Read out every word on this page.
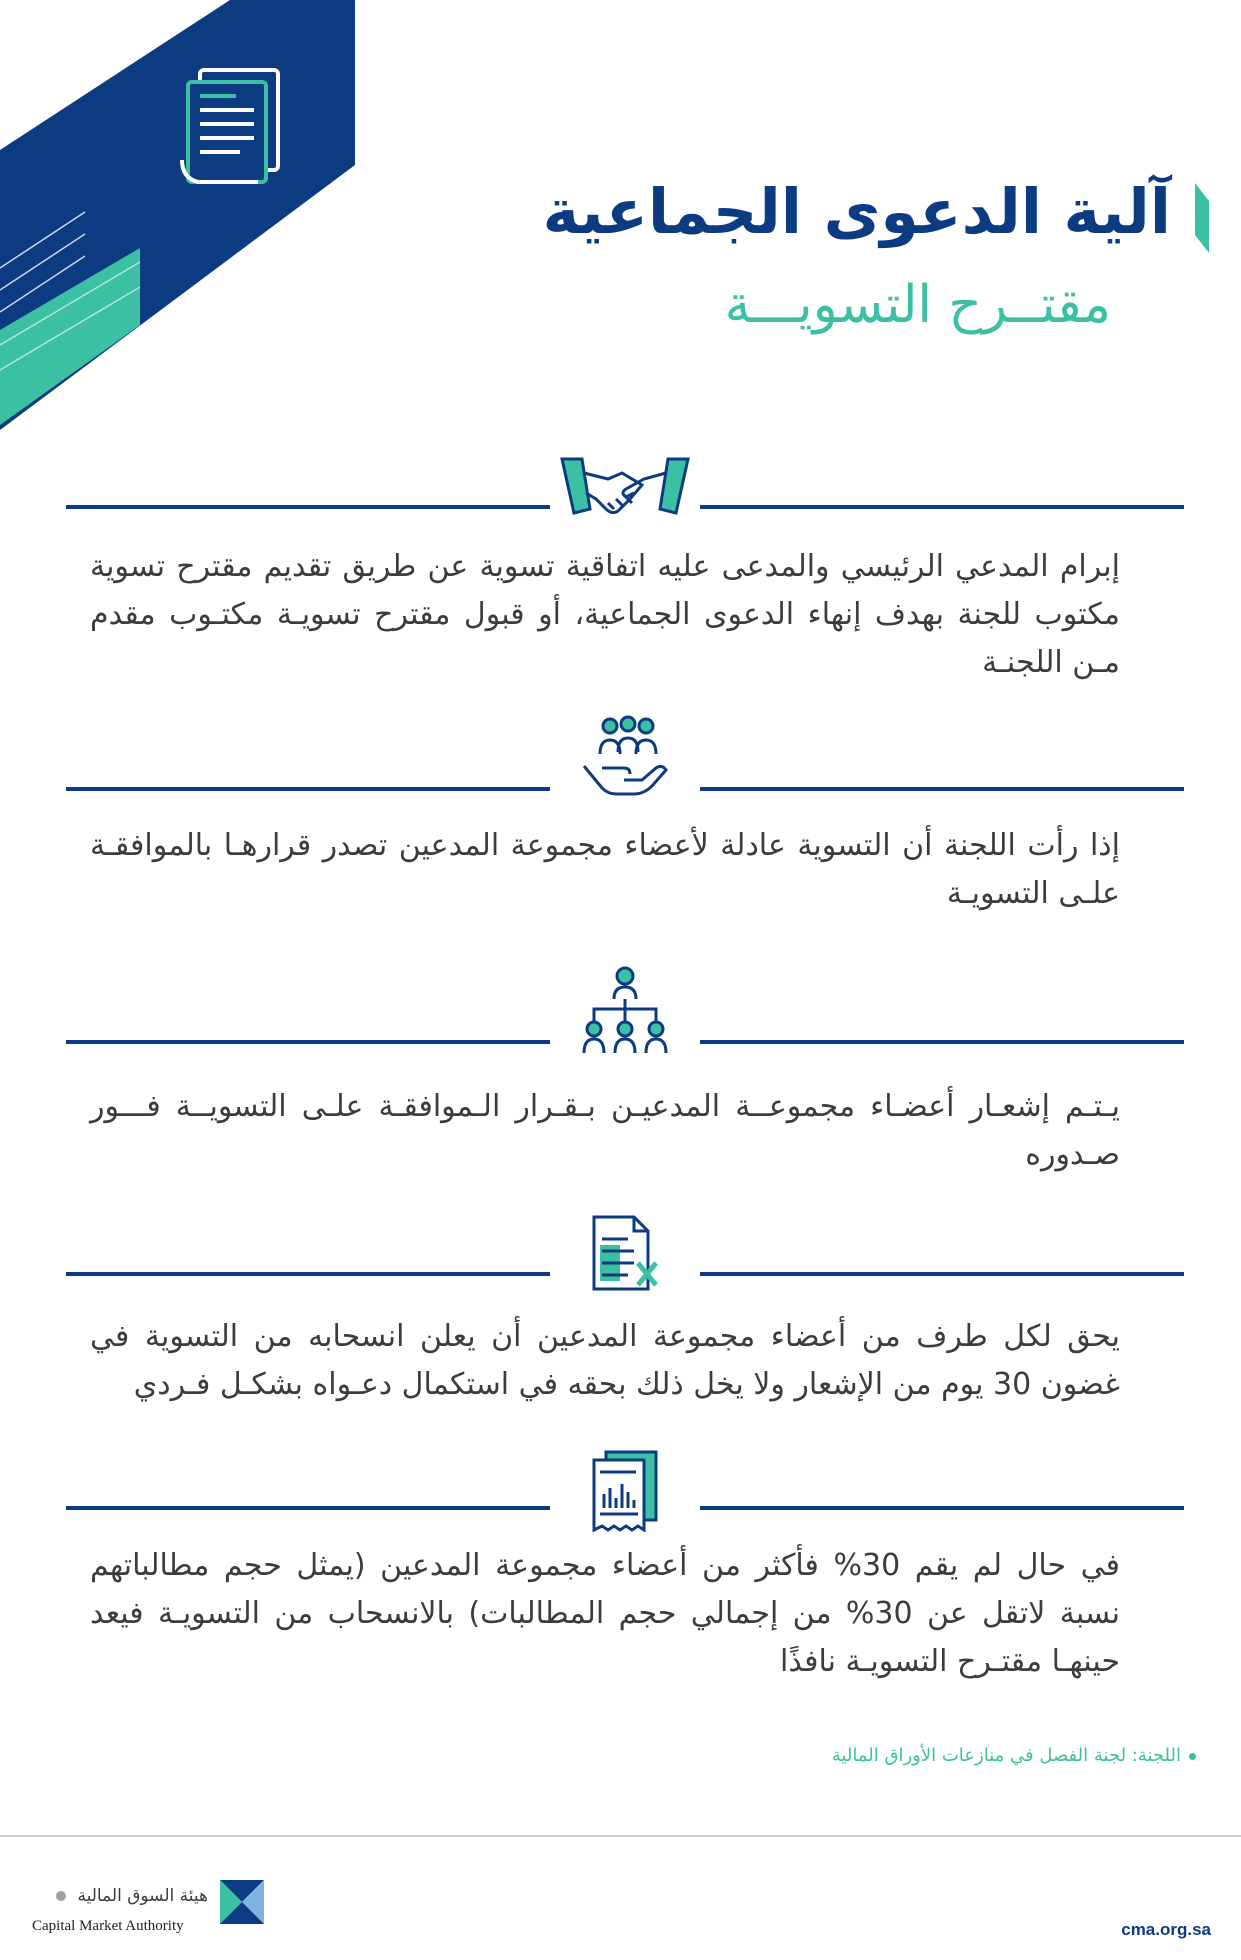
آلية الدعوى الجماعية
مقتــرح التسويـــة
إبرام المدعي الرئيسي والمدعى عليه اتفاقية تسوية عن طريق تقديم مقترح تسوية مكتوب للجنة بهدف إنهاء الدعوى الجماعية، أو قبول مقترح تسويـة مكتـوب مقدم مـن اللجنـة
إذا رأت اللجنة أن التسوية عادلة لأعضاء مجموعة المدعين تصدر قرارهـا بالموافقـة علـى التسويـة
يـتـم إشعـار أعضـاء مجموعــة المدعيـن بـقـرار الـموافقـة علـى التسويــة فـــور صـدوره
يحق لكل طرف من أعضاء مجموعة المدعين أن يعلن انسحابه من التسوية في غضون 30 يوم من الإشعار ولا يخل ذلك بحقه في استكمال دعـواه بشكـل فـردي
في حال لم يقم 30% فأكثر من أعضاء مجموعة المدعين (يمثل حجم مطالباتهم نسبة لاتقل عن 30% من إجمالي حجم المطالبات) بالانسحاب من التسويـة فيعد حينهـا مقتـرح التسويـة نافذًا
اللجنة: لجنة الفصل في منازعات الأوراق المالية
هيئة السوق المالية
Capital Market Authority	cma.org.sa
